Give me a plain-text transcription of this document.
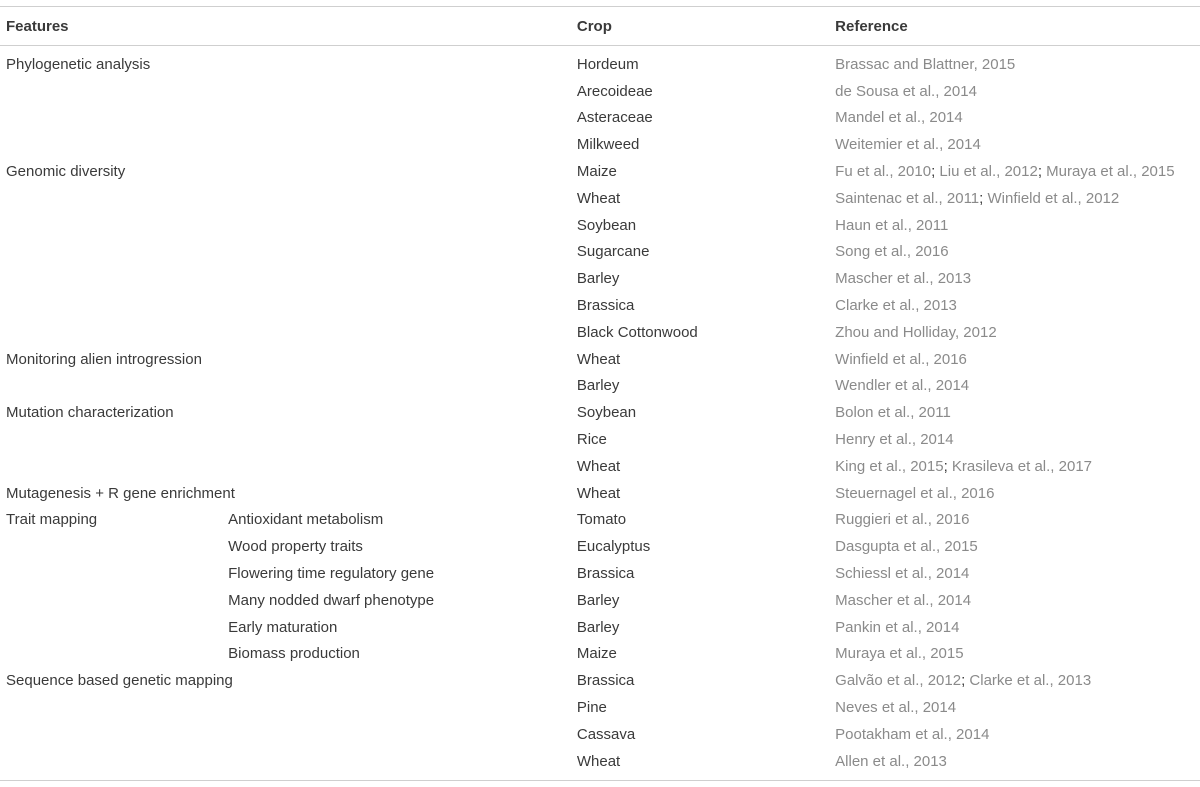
Features		Crop	Reference
Phylogenetic analysis		Hordeum	Brassac and Blattner, 2015
		Arecoideae	de Sousa et al., 2014
		Asteraceae	Mandel et al., 2014
		Milkweed	Weitemier et al., 2014
Genomic diversity		Maize	Fu et al., 2010; Liu et al., 2012; Muraya et al., 2015
		Wheat	Saintenac et al., 2011; Winfield et al., 2012
		Soybean	Haun et al., 2011
		Sugarcane	Song et al., 2016
		Barley	Mascher et al., 2013
		Brassica	Clarke et al., 2013
		Black Cottonwood	Zhou and Holliday, 2012
Monitoring alien introgression		Wheat	Winfield et al., 2016
		Barley	Wendler et al., 2014
Mutation characterization		Soybean	Bolon et al., 2011
		Rice	Henry et al., 2014
		Wheat	King et al., 2015; Krasileva et al., 2017
Mutagenesis + R gene enrichment		Wheat	Steuernagel et al., 2016
Trait mapping	Antioxidant metabolism	Tomato	Ruggieri et al., 2016
	Wood property traits	Eucalyptus	Dasgupta et al., 2015
	Flowering time regulatory gene	Brassica	Schiessl et al., 2014
	Many nodded dwarf phenotype	Barley	Mascher et al., 2014
	Early maturation	Barley	Pankin et al., 2014
	Biomass production	Maize	Muraya et al., 2015
Sequence based genetic mapping		Brassica	Galvão et al., 2012; Clarke et al., 2013
		Pine	Neves et al., 2014
		Cassava	Pootakham et al., 2014
		Wheat	Allen et al., 2013
